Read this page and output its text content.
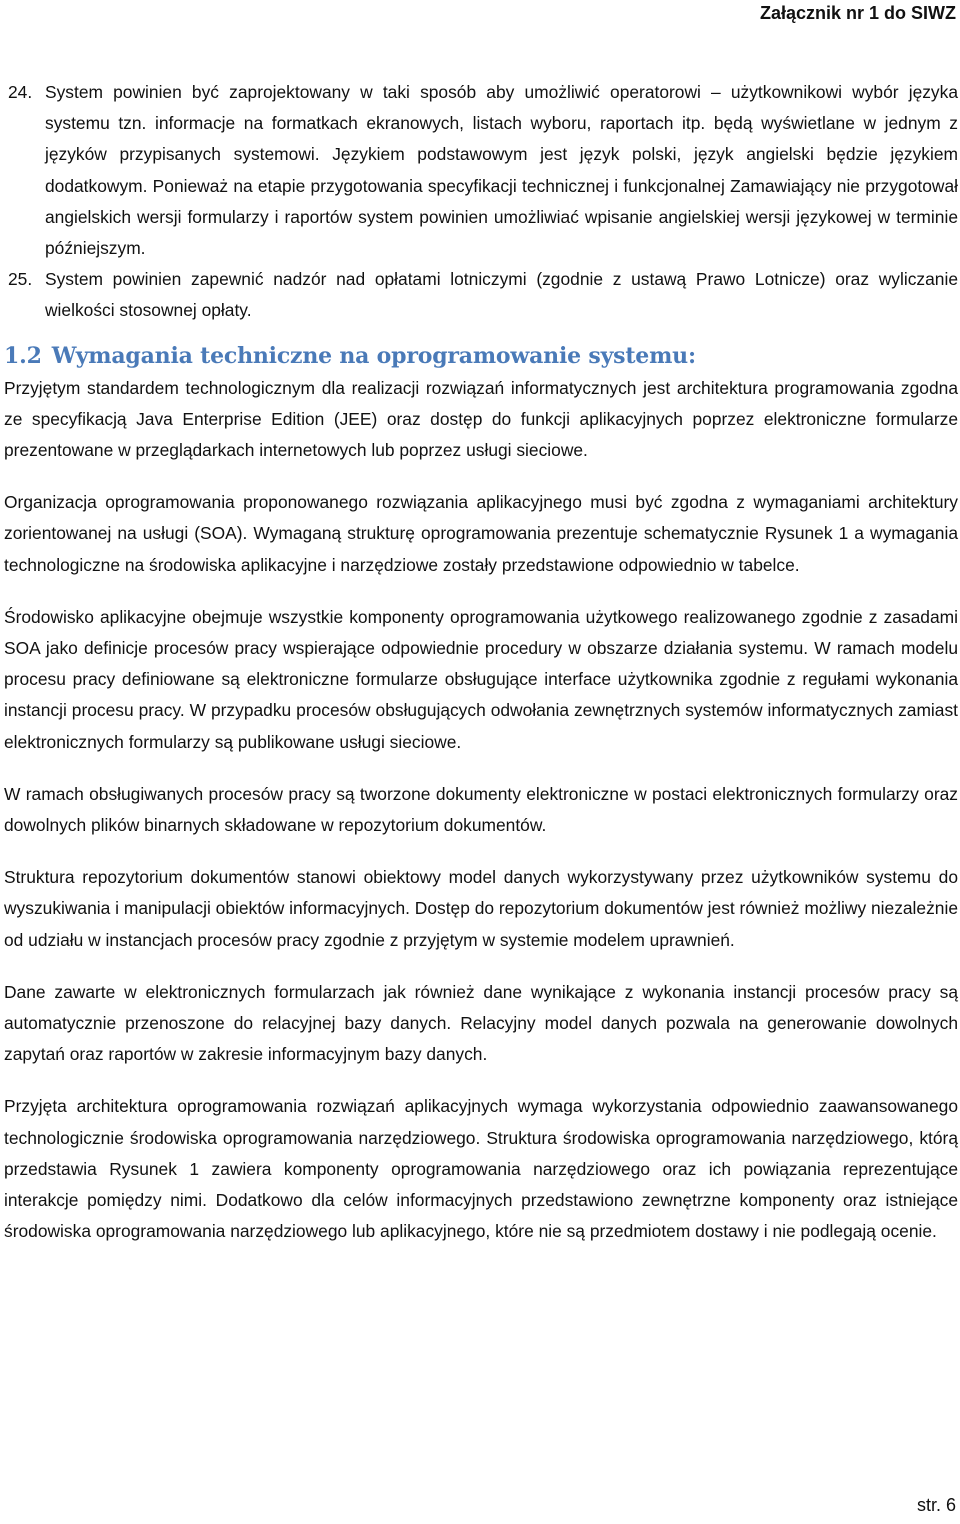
Załącznik nr 1 do SIWZ
24. System powinien być zaprojektowany w taki sposób aby umożliwić operatorowi – użytkownikowi wybór języka systemu tzn. informacje na formatkach ekranowych, listach wyboru, raportach itp. będą wyświetlane w jednym z języków przypisanych systemowi. Językiem podstawowym jest język polski, język angielski będzie językiem dodatkowym. Ponieważ na etapie przygotowania specyfikacji technicznej i funkcjonalnej Zamawiający nie przygotował angielskich wersji formularzy i raportów system powinien umożliwiać wpisanie angielskiej wersji językowej w terminie późniejszym.
25. System powinien zapewnić nadzór nad opłatami lotniczymi (zgodnie z ustawą Prawo Lotnicze) oraz wyliczanie wielkości stosownej opłaty.
1.2 Wymagania techniczne na oprogramowanie systemu:

Przyjętym standardem technologicznym dla realizacji rozwiązań informatycznych jest architektura programowania zgodna ze specyfikacją Java Enterprise Edition (JEE) oraz dostęp do funkcji aplikacyjnych poprzez elektroniczne formularze prezentowane w przeglądarkach internetowych lub poprzez usługi sieciowe.

Organizacja oprogramowania proponowanego rozwiązania aplikacyjnego musi być zgodna z wymaganiami architektury zorientowanej na usługi (SOA). Wymaganą strukturę oprogramowania prezentuje schematycznie Rysunek 1 a wymagania technologiczne na środowiska aplikacyjne i narzędziowe zostały przedstawione odpowiednio w tabelce.

Środowisko aplikacyjne obejmuje wszystkie komponenty oprogramowania użytkowego realizowanego zgodnie z zasadami SOA jako definicje procesów pracy wspierające odpowiednie procedury w obszarze działania systemu. W ramach modelu procesu pracy definiowane są elektroniczne formularze obsługujące interface użytkownika zgodnie z regułami wykonania instancji procesu pracy. W przypadku procesów obsługujących odwołania zewnętrznych systemów informatycznych zamiast elektronicznych formularzy są publikowane usługi sieciowe.

W ramach obsługiwanych procesów pracy są tworzone dokumenty elektroniczne w postaci elektronicznych formularzy oraz dowolnych plików binarnych składowane w repozytorium dokumentów.

Struktura repozytorium dokumentów stanowi obiektowy model danych wykorzystywany przez użytkowników systemu do wyszukiwania i manipulacji obiektów informacyjnych. Dostęp do repozytorium dokumentów jest również możliwy niezależnie od udziału w instancjach procesów pracy zgodnie z przyjętym w systemie modelem uprawnień.

Dane zawarte w elektronicznych formularzach jak również dane wynikające z wykonania instancji procesów pracy są automatycznie przenoszone do relacyjnej bazy danych. Relacyjny model danych pozwala na generowanie dowolnych zapytań oraz raportów w zakresie informacyjnym bazy danych.

Przyjęta architektura oprogramowania rozwiązań aplikacyjnych wymaga wykorzystania odpowiednio zaawansowanego technologicznie środowiska oprogramowania narzędziowego. Struktura środowiska oprogramowania narzędziowego, którą przedstawia Rysunek 1 zawiera komponenty oprogramowania narzędziowego oraz ich powiązania reprezentujące interakcje pomiędzy nimi. Dodatkowo dla celów informacyjnych przedstawiono zewnętrzne komponenty oraz istniejące środowiska oprogramowania narzędziowego lub aplikacyjnego, które nie są przedmiotem dostawy i nie podlegają ocenie.

str. 6
